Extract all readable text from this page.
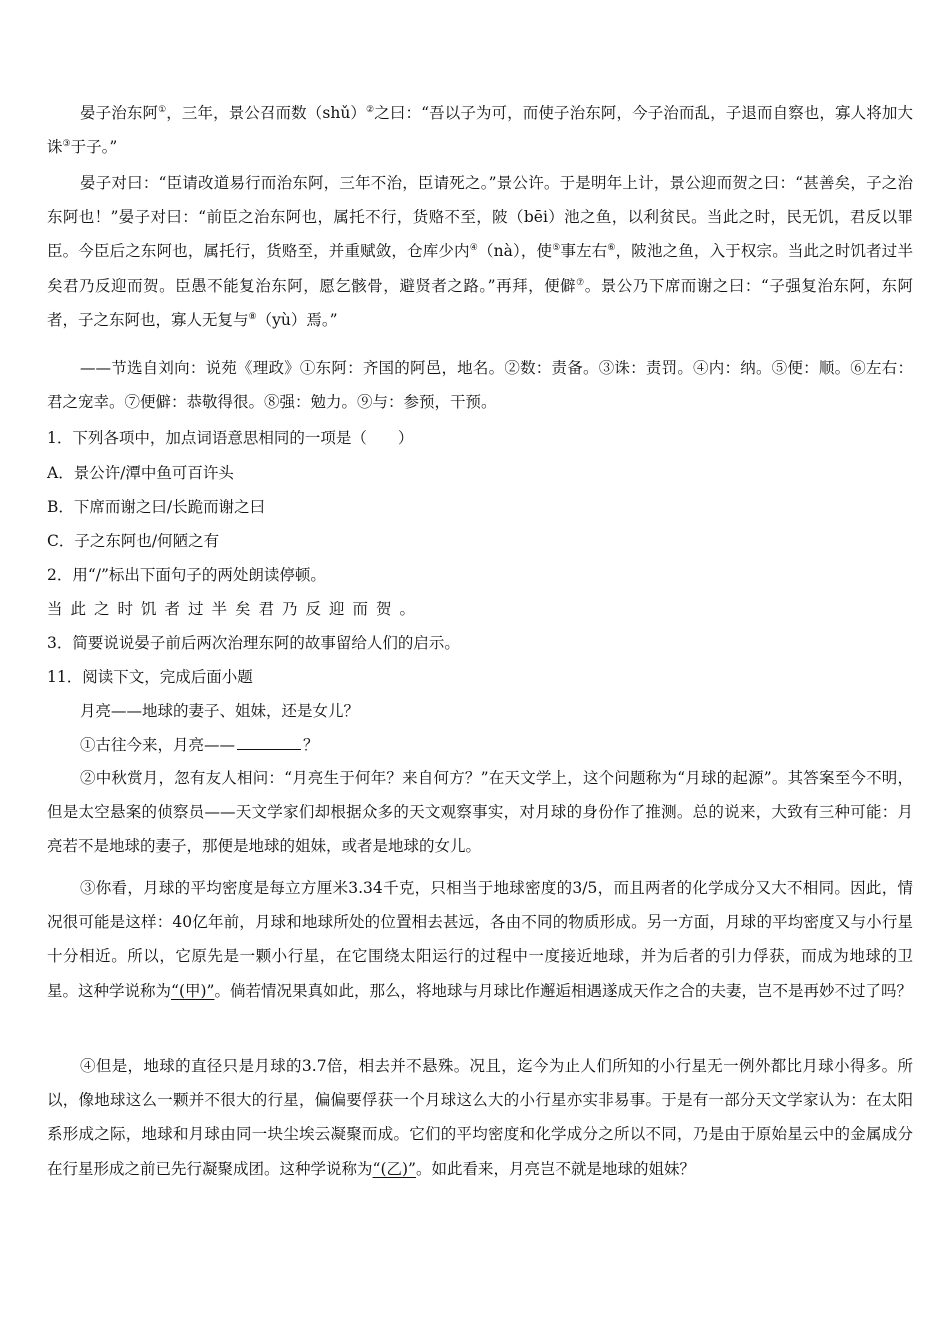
晏子治东阿①，三年，景公召而数（shǔ）②之曰：“吾以子为可，而使子治东阿，今子治而乱，子退而自察也，寡人将加大诛③于子。”
晏子对曰：“臣请改道易行而治东阿，三年不治，臣请死之。”景公许。于是明年上计，景公迎而贺之曰：“甚善矣，子之治东阿也！”晏子对曰：“前臣之治东阿也，属托不行，货赂不至，陂（bēi）池之鱼，以利贫民。当此之时，民无饥，君反以罪臣。今臣后之东阿也，属托行，货赂至，并重赋敛，仓库少内④（nà），使⑤事左右⑥，陂池之鱼，入于权宗。当此之时饥者过半矣君乃反迎而贺。臣愚不能复治东阿，愿乞骸骨，避贤者之路。”再拜，便僻⑦。景公乃下席而谢之曰：“子强复治东阿，东阿者，子之东阿也，寡人无复与⑧（yù）焉。”
——节选自刘向：说苑《理政》①东阿：齐国的阿邑，地名。②数：责备。③诛：责罚。④内：纳。⑤便：顺。⑥左右：君之宠幸。⑦便僻：恭敬得很。⑧强：勉力。⑨与：参预，干预。
1．下列各项中，加点词语意思相同的一项是（　　）
A．景公许/潭中鱼可百许头
B．下席而谢之曰/长跪而谢之曰
C．子之东阿也/何陋之有
2．用“/”标出下面句子的两处朗读停顿。
当此之时饥者过半矣君乃反迎而贺。
3．简要说说晏子前后两次治理东阿的故事留给人们的启示。
11．阅读下文，完成后面小题
月亮——地球的妻子、姐妹，还是女儿？
①古往今来，月亮——	？
②中秋赏月，忽有友人相问：“月亮生于何年？来自何方？”在天文学上，这个问题称为“月球的起源”。其答案至今不明，但是太空悬案的侦察员——天文学家们却根据众多的天文观察事实，对月球的身份作了推测。总的说来，大致有三种可能：月亮若不是地球的妻子，那便是地球的姐妹，或者是地球的女儿。
③你看，月球的平均密度是每立方厘米3.34千克，只相当于地球密度的3/5，而且两者的化学成分又大不相同。因此，情况很可能是这样：40亿年前，月球和地球所处的位置相去甚远，各由不同的物质形成。另一方面，月球的平均密度又与小行星十分相近。所以，它原先是一颗小行星，在它围绕太阳运行的过程中一度接近地球，并为后者的引力俘获，而成为地球的卫星。这种学说称为“(甲)”。倘若情况果真如此，那么，将地球与月球比作邂逅相遇遂成天作之合的夫妻，岂不是再妙不过了吗？
④但是，地球的直径只是月球的3.7倍，相去并不悬殊。况且，迄今为止人们所知的小行星无一例外都比月球小得多。所以，像地球这么一颗并不很大的行星，偏偏要俘获一个月球这么大的小行星亦实非易事。于是有一部分天文学家认为：在太阳系形成之际，地球和月球由同一块尘埃云凝聚而成。它们的平均密度和化学成分之所以不同，乃是由于原始星云中的金属成分在行星形成之前已先行凝聚成团。这种学说称为“(乙)”。如此看来，月亮岂不就是地球的姐妹？
